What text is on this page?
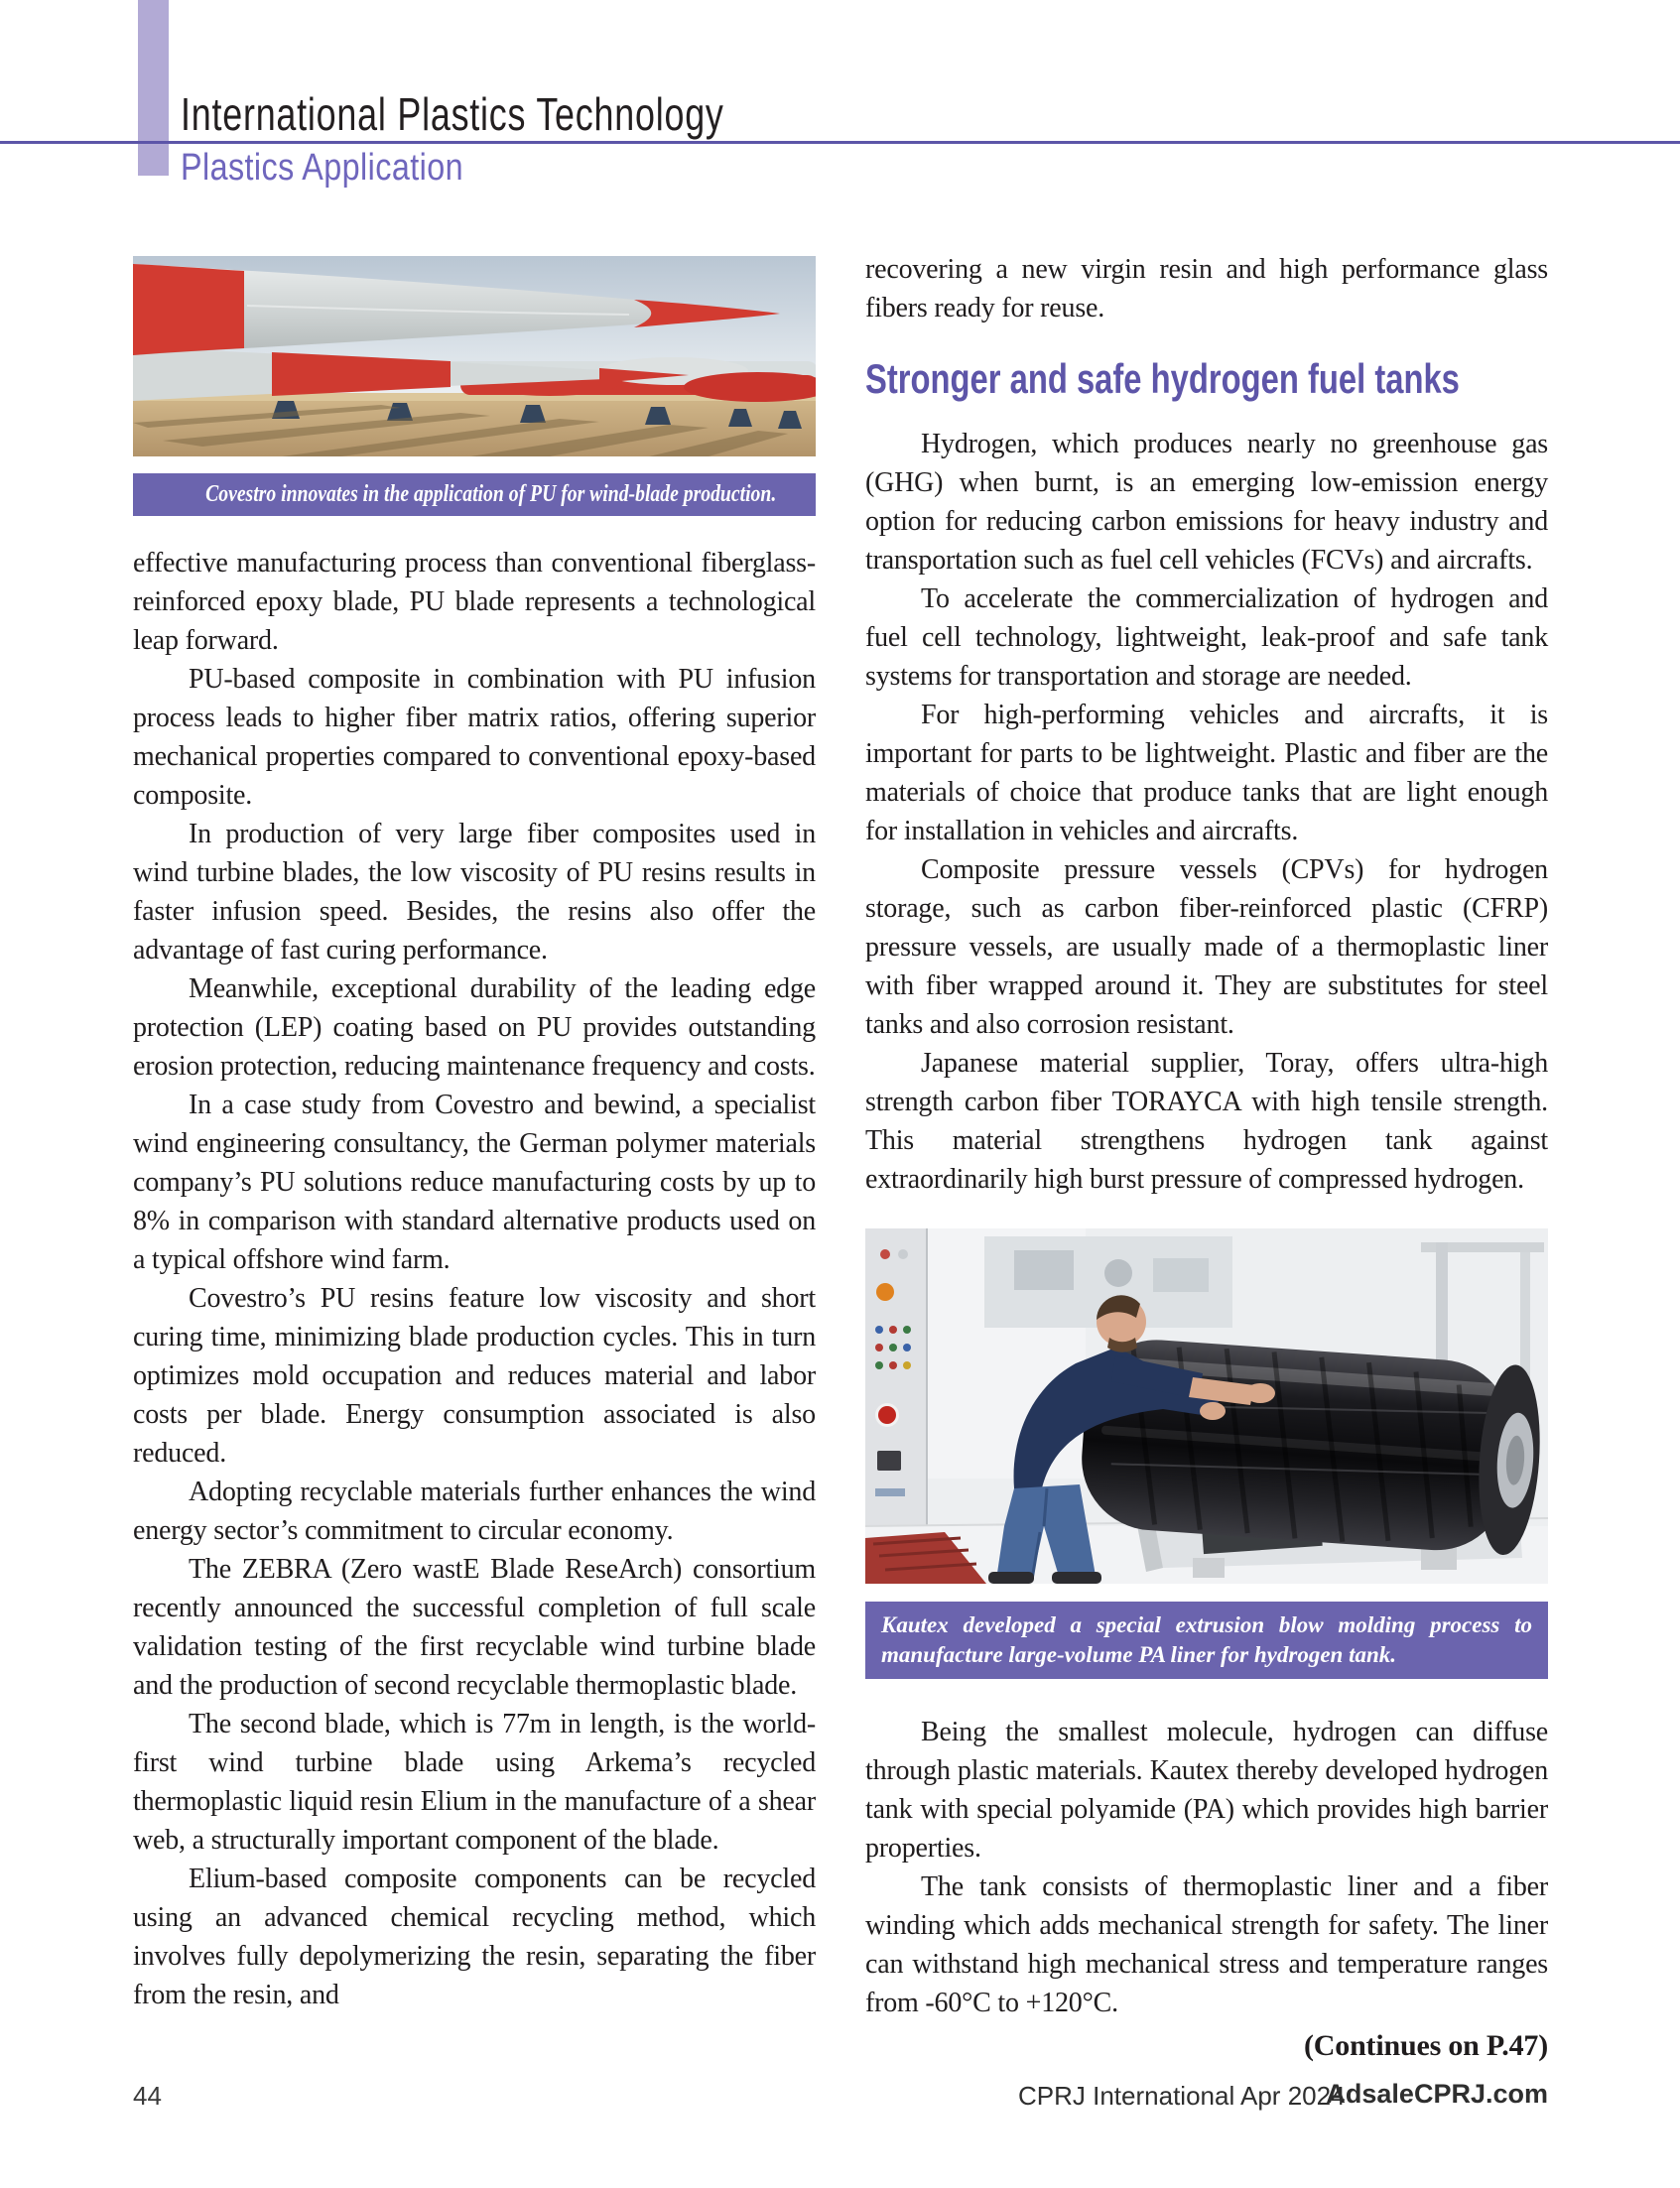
International Plastics Technology
Plastics Application
Covestro innovates in the application of PU for wind-blade production.

effective manufacturing process than conventional fiberglass-reinforced epoxy blade, PU blade represents a technological leap forward.

PU-based composite in combination with PU infusion process leads to higher fiber matrix ratios, offering superior mechanical properties compared to conventional epoxy-based composite.

In production of very large fiber composites used in wind turbine blades, the low viscosity of PU resins results in faster infusion speed. Besides, the resins also offer the advantage of fast curing performance.

Meanwhile, exceptional durability of the leading edge protection (LEP) coating based on PU provides outstanding erosion protection, reducing maintenance frequency and costs.

In a case study from Covestro and bewind, a specialist wind engineering consultancy, the German polymer materials company’s PU solutions reduce manufacturing costs by up to 8% in comparison with standard alternative products used on a typical offshore wind farm.

Covestro’s PU resins feature low viscosity and short curing time, minimizing blade production cycles. This in turn optimizes mold occupation and reduces material and labor costs per blade. Energy consumption associated is also reduced.

Adopting recyclable materials further enhances the wind energy sector’s commitment to circular economy.

The ZEBRA (Zero wastE Blade ReseArch) consortium recently announced the successful completion of full scale validation testing of the first recyclable wind turbine blade and the production of second recyclable thermoplastic blade.

The second blade, which is 77m in length, is the world-first wind turbine blade using Arkema’s recycled thermoplastic liquid resin Elium in the manufacture of a shear web, a structurally important component of the blade.

Elium-based composite components can be recycled using an advanced chemical recycling method, which involves fully depolymerizing the resin, separating the fiber from the resin, and

recovering a new virgin resin and high performance glass fibers ready for reuse.

Stronger and safe hydrogen fuel tanks

Hydrogen, which produces nearly no greenhouse gas (GHG) when burnt, is an emerging low-emission energy option for reducing carbon emissions for heavy industry and transportation such as fuel cell vehicles (FCVs) and aircrafts.

To accelerate the commercialization of hydrogen and fuel cell technology, lightweight, leak-proof and safe tank systems for transportation and storage are needed.

For high-performing vehicles and aircrafts, it is important for parts to be lightweight. Plastic and fiber are the materials of choice that produce tanks that are light enough for installation in vehicles and aircrafts.

Composite pressure vessels (CPVs) for hydrogen storage, such as carbon fiber-reinforced plastic (CFRP) pressure vessels, are usually made of a thermoplastic liner with fiber wrapped around it. They are substitutes for steel tanks and also corrosion resistant.

Japanese material supplier, Toray, offers ultra-high strength carbon fiber TORAYCA with high tensile strength. This material strengthens hydrogen tank against extraordinarily high burst pressure of compressed hydrogen.

Kautex developed a special extrusion blow molding process to manufacture large-volume PA liner for hydrogen tank.

Being the smallest molecule, hydrogen can diffuse through plastic materials. Kautex thereby developed hydrogen tank with special polyamide (PA) which provides high barrier properties.

The tank consists of thermoplastic liner and a fiber winding which adds mechanical strength for safety. The liner can withstand high mechanical stress and temperature ranges from -60°C to +120°C.

(Continues on P.47)

44	CPRJ International Apr 2024
AdsaleCPRJ.com
